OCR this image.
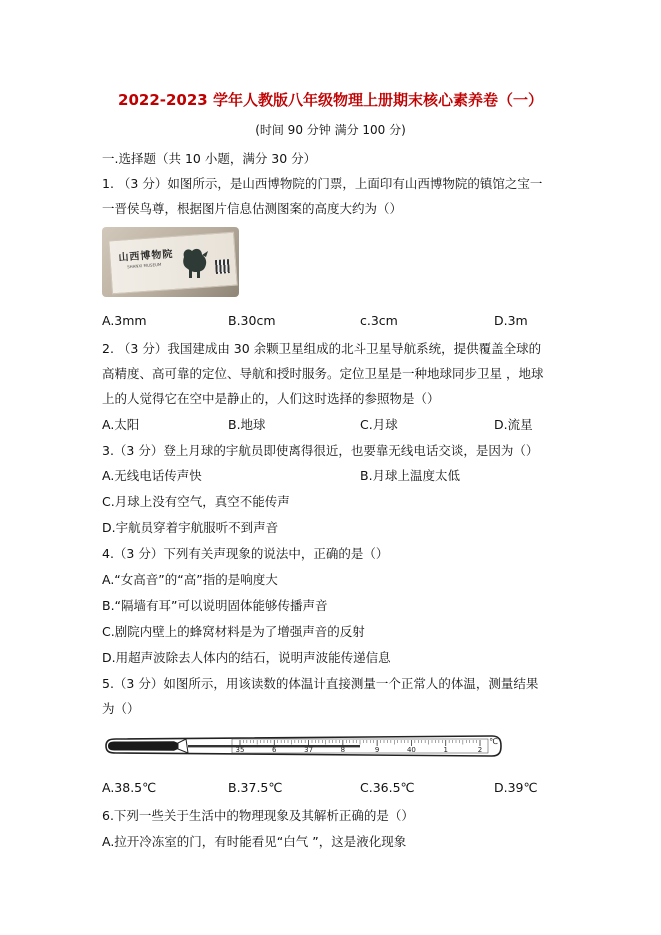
2022-2023 学年人教版八年级物理上册期末核心素养卷（一）
(时间 90 分钟 满分 100 分)
一.选择题（共 10 小题，满分 30 分）
1. （3 分）如图所示，是山西博物院的门票，上面印有山西博物院的镇馆之宝一
一晋侯鸟尊，根据图片信息估测图案的高度大约为（）
山西博物院
SHANXI MUSEUM
A.3mm	B.30cm	c.3cm	D.3m
2. （3 分）我国建成由 30 余颗卫星组成的北斗卫星导航系统，提供覆盖全球的
高精度、高可靠的定位、导航和授时服务。定位卫星是一种地球同步卫星 ，地球
上的人觉得它在空中是静止的，人们这时选择的参照物是（）
A.太阳	B.地球	C.月球	D.流星
3.（3 分）登上月球的宇航员即使离得很近，也要靠无线电话交谈，是因为（）
A.无线电话传声快	B.月球上温度太低
C.月球上没有空气，真空不能传声
D.宇航员穿着宇航服听不到声音
4.（3 分）下列有关声现象的说法中，正确的是（）
A.“女高音”的“高”指的是响度大
B.“隔墙有耳”可以说明固体能够传播声音
C.剧院内壁上的蜂窝材料是为了增强声音的反射
D.用超声波除去人体内的结石，说明声波能传递信息
5.（3 分）如图所示，用该读数的体温计直接测量一个正常人的体温，测量结果
为（）
35	6	37	8	9	40	1	2
℃
A.38.5℃	B.37.5℃	C.36.5℃	D.39℃
6.下列一些关于生活中的物理现象及其解析正确的是（）
A.拉开冷冻室的门，有时能看见“白气 ”，这是液化现象
